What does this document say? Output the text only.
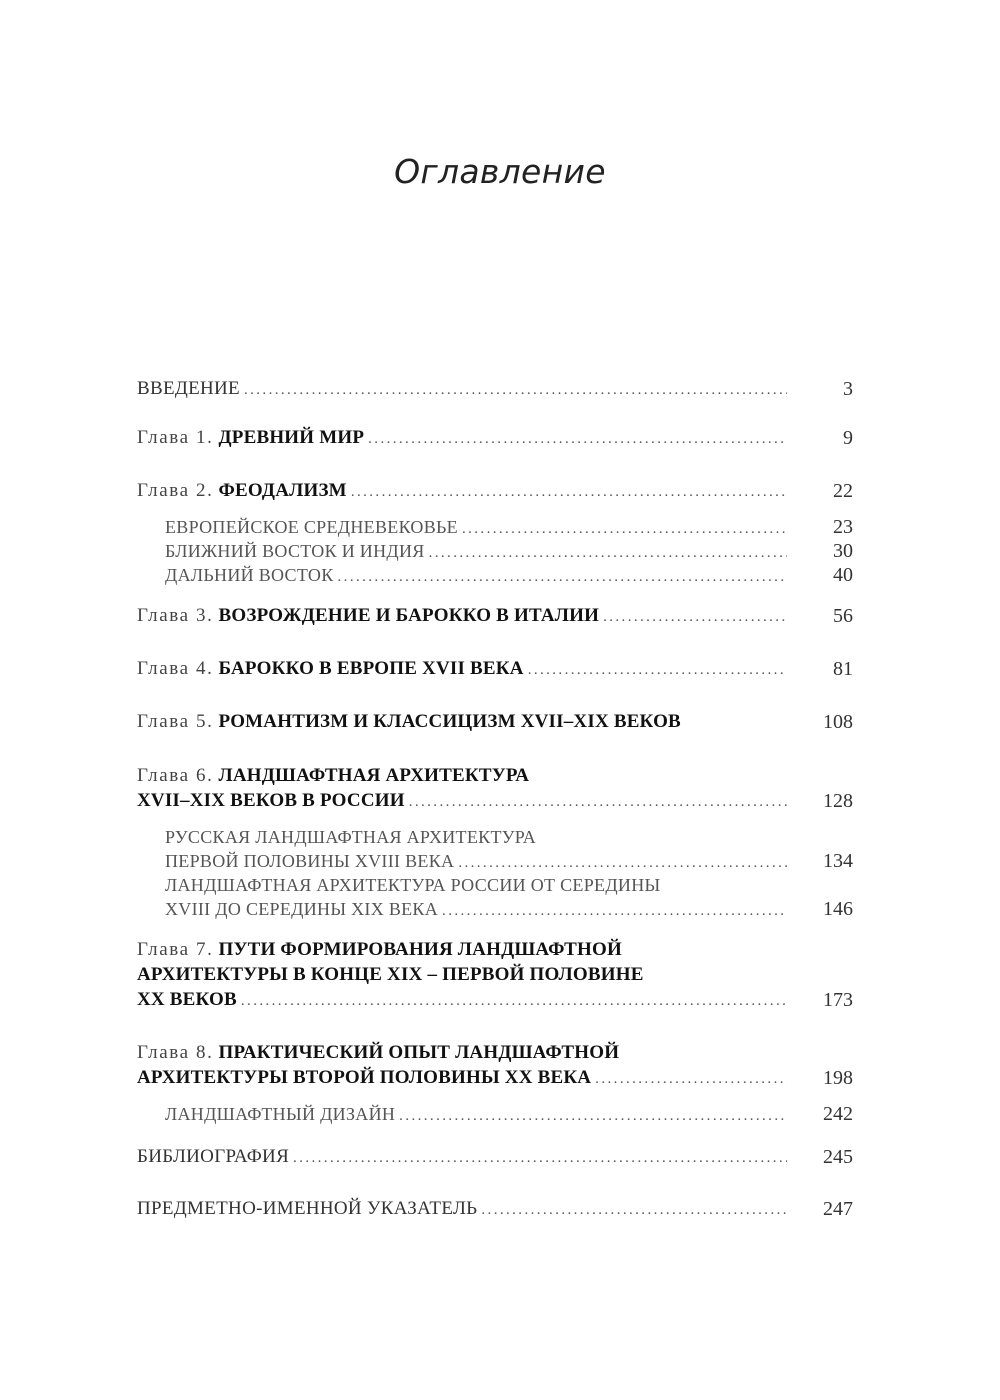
Оглавление
ВВЕДЕНИЕ .....	3
Глава 1. ДРЕВНИЙ МИР .....	9
Глава 2. ФЕОДАЛИЗМ .....	22
ЕВРОПЕЙСКОЕ СРЕДНЕВЕКОВЬЕ .....	23
БЛИЖНИЙ ВОСТОК И ИНДИЯ .....	30
ДАЛЬНИЙ ВОСТОК .....	40
Глава 3. ВОЗРОЖДЕНИЕ И БАРОККО В ИТАЛИИ .....	56
Глава 4. БАРОККО В ЕВРОПЕ XVII ВЕКА .....	81
Глава 5. РОМАНТИЗМ И КЛАССИЦИЗМ XVII–XIX ВЕКОВ	108
Глава 6. ЛАНДШАФТНАЯ АРХИТЕКТУРА
XVII–XIX ВЕКОВ В РОССИИ .....	128
РУССКАЯ ЛАНДШАФТНАЯ АРХИТЕКТУРА
ПЕРВОЙ ПОЛОВИНЫ XVIII ВЕКА .....	134
ЛАНДШАФТНАЯ АРХИТЕКТУРА РОССИИ ОТ СЕРЕДИНЫ
XVIII ДО СЕРЕДИНЫ XIX ВЕКА .....	146
Глава 7. ПУТИ ФОРМИРОВАНИЯ ЛАНДШАФТНОЙ
АРХИТЕКТУРЫ В КОНЦЕ XIX – ПЕРВОЙ ПОЛОВИНЕ
XX ВЕКОВ .....	173
Глава 8. ПРАКТИЧЕСКИЙ ОПЫТ ЛАНДШАФТНОЙ
АРХИТЕКТУРЫ ВТОРОЙ ПОЛОВИНЫ XX ВЕКА .....	198
ЛАНДШАФТНЫЙ ДИЗАЙН .....	242
БИБЛИОГРАФИЯ .....	245
ПРЕДМЕТНО-ИМЕННОЙ УКАЗАТЕЛЬ .....	247
